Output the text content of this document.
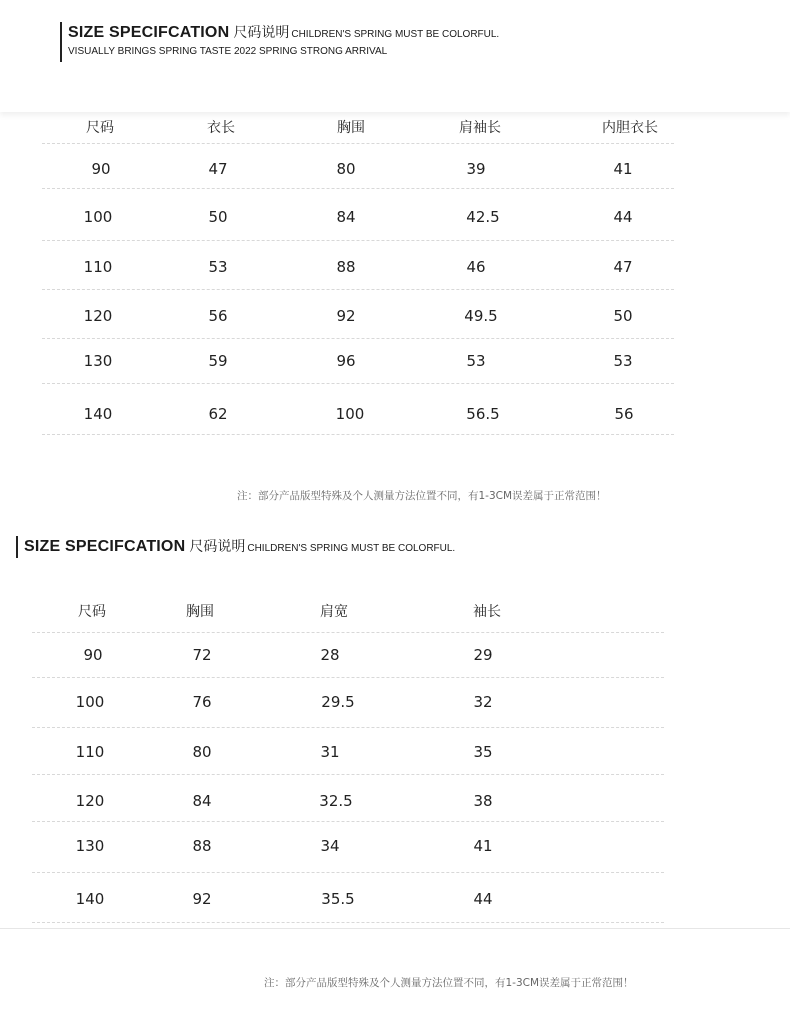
SIZE SPECIFCATION 尺码说明 CHILDREN'S SPRING MUST BE COLORFUL.
VISUALLY BRINGS SPRING TASTE 2022 SPRING STRONG ARRIVAL
尺码	衣长	胸围	肩袖长	内胆衣长
90	47	80	39	41
100	50	84	42.5	44
110	53	88	46	47
120	56	92	49.5	50
130	59	96	53	53
140	62	100	56.5	56
注：部分产品版型特殊及个人测量方法位置不同，有1-3CM误差属于正常范围！
SIZE SPECIFCATION 尺码说明 CHILDREN'S SPRING MUST BE COLORFUL.
尺码	胸围	肩宽	袖长
90	72	28	29
100	76	29.5	32
110	80	31	35
120	84	32.5	38
130	88	34	41
140	92	35.5	44
注：部分产品版型特殊及个人测量方法位置不同，有1-3CM误差属于正常范围！
